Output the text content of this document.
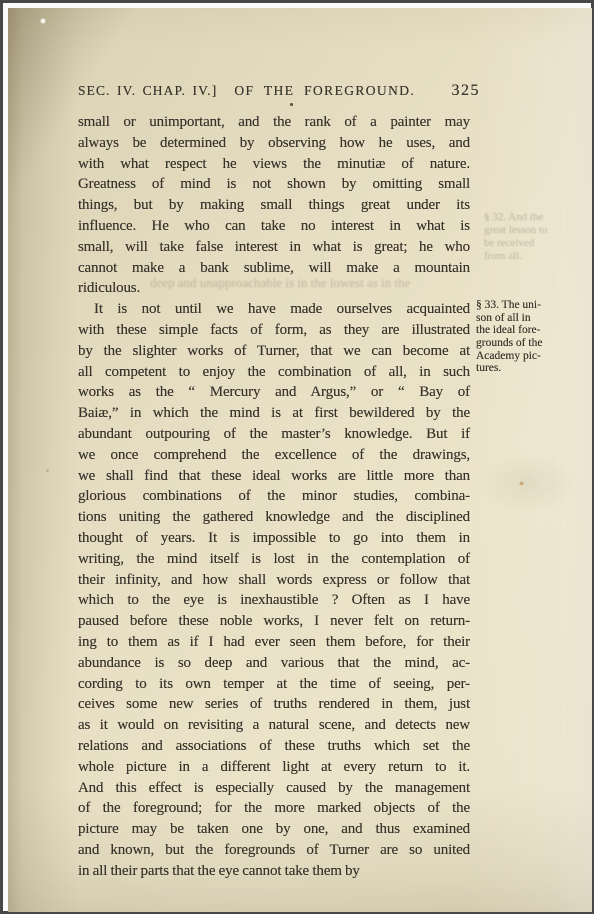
SEC. IV. CHAP. IV.] OF THE FOREGROUND. 325
small or unimportant, and the rank of a painter may
always be determined by observing how he uses, and
with what respect he views the minutiæ of nature.
Greatness of mind is not shown by omitting small
things, but by making small things great under its
influence. He who can take no interest in what is
small, will take false interest in what is great; he who
cannot make a bank sublime, will make a mountain
ridiculous.
It is not until we have made ourselves acquainted
with these simple facts of form, as they are illustrated
by the slighter works of Turner, that we can become at
all competent to enjoy the combination of all, in such
works as the “ Mercury and Argus,” or “ Bay of
Baiæ,” in which the mind is at first bewildered by the
abundant outpouring of the master’s knowledge. But if
we once comprehend the excellence of the drawings,
we shall find that these ideal works are little more than
glorious combinations of the minor studies, combina-
tions uniting the gathered knowledge and the disciplined
thought of years. It is impossible to go into them in
writing, the mind itself is lost in the contemplation of
their infinity, and how shall words express or follow that
which to the eye is inexhaustible ? Often as I have
paused before these noble works, I never felt on return-
ing to them as if I had ever seen them before, for their
abundance is so deep and various that the mind, ac-
cording to its own temper at the time of seeing, per-
ceives some new series of truths rendered in them, just
as it would on revisiting a natural scene, and detects new
relations and associations of these truths which set the
whole picture in a different light at every return to it.
And this effect is especially caused by the management
of the foreground; for the more marked objects of the
picture may be taken one by one, and thus examined
and known, but the foregrounds of Turner are so united
in all their parts that the eye cannot take them by
§ 33. The uni-
son of all in
the ideal fore-
grounds of the
Academy pic-
tures.
§ 32. And the
great lesson to
be received
from all.
deep and unapproachable is in the lowest as in the
